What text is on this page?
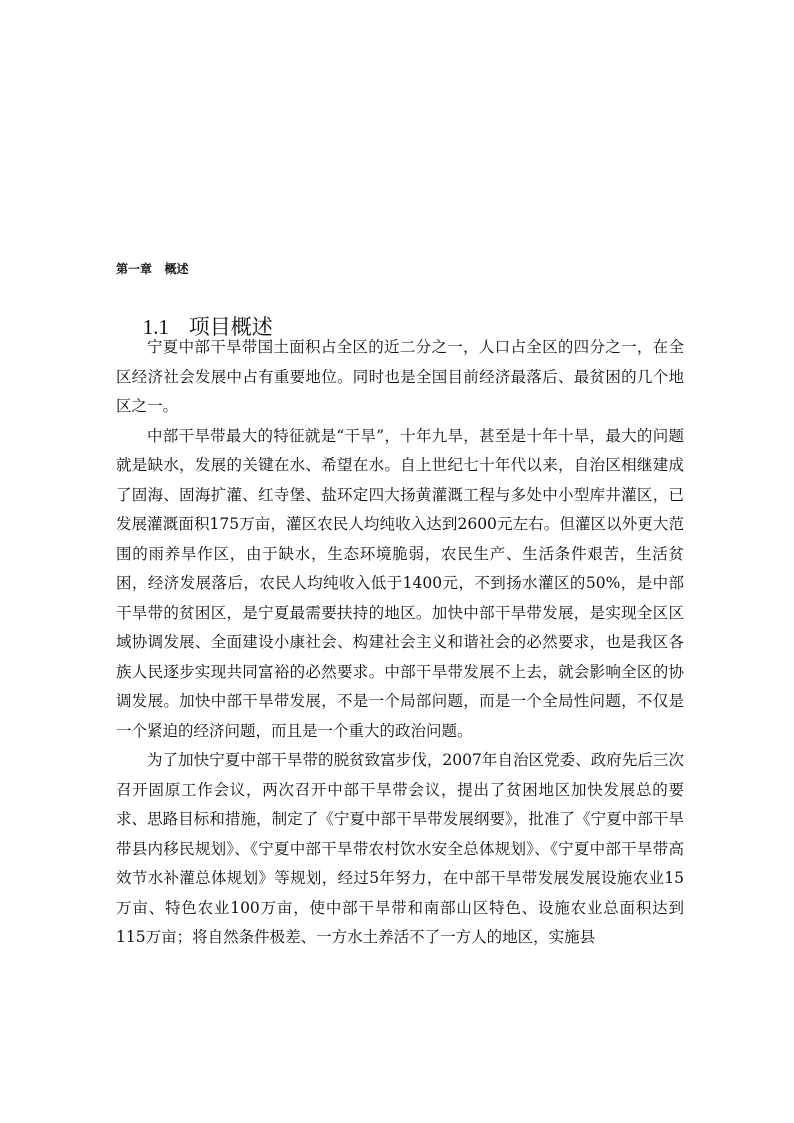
第一章   概述

1.1 项目概述

宁夏中部干旱带国土面积占全区的近二分之一，人口占全区的四分之一，在全区经济社会发展中占有重要地位。同时也是全国目前经济最落后、最贫困的几个地区之一。

中部干旱带最大的特征就是“干旱”，十年九旱，甚至是十年十旱，最大的问题就是缺水，发展的关键在水、希望在水。自上世纪七十年代以来，自治区相继建成了固海、固海扩灌、红寺堡、盐环定四大扬黄灌溉工程与多处中小型库井灌区，已发展灌溉面积175万亩，灌区农民人均纯收入达到2600元左右。但灌区以外更大范围的雨养旱作区，由于缺水，生态环境脆弱，农民生产、生活条件艰苦，生活贫困，经济发展落后，农民人均纯收入低于1400元，不到扬水灌区的50%，是中部干旱带的贫困区，是宁夏最需要扶持的地区。加快中部干旱带发展，是实现全区区域协调发展、全面建设小康社会、构建社会主义和谐社会的必然要求，也是我区各族人民逐步实现共同富裕的必然要求。中部干旱带发展不上去，就会影响全区的协调发展。加快中部干旱带发展，不是一个局部问题，而是一个全局性问题，不仅是一个紧迫的经济问题，而且是一个重大的政治问题。

为了加快宁夏中部干旱带的脱贫致富步伐，2007年自治区党委、政府先后三次召开固原工作会议，两次召开中部干旱带会议，提出了贫困地区加快发展总的要求、思路目标和措施，制定了《宁夏中部干旱带发展纲要》，批准了《宁夏中部干旱带县内移民规划》、《宁夏中部干旱带农村饮水安全总体规划》、《宁夏中部干旱带高效节水补灌总体规划》等规划，经过5年努力，在中部干旱带发展发展设施农业15万亩、特色农业100万亩，使中部干旱带和南部山区特色、设施农业总面积达到115万亩；将自然条件极差、一方水土养活不了一方人的地区，实施县
